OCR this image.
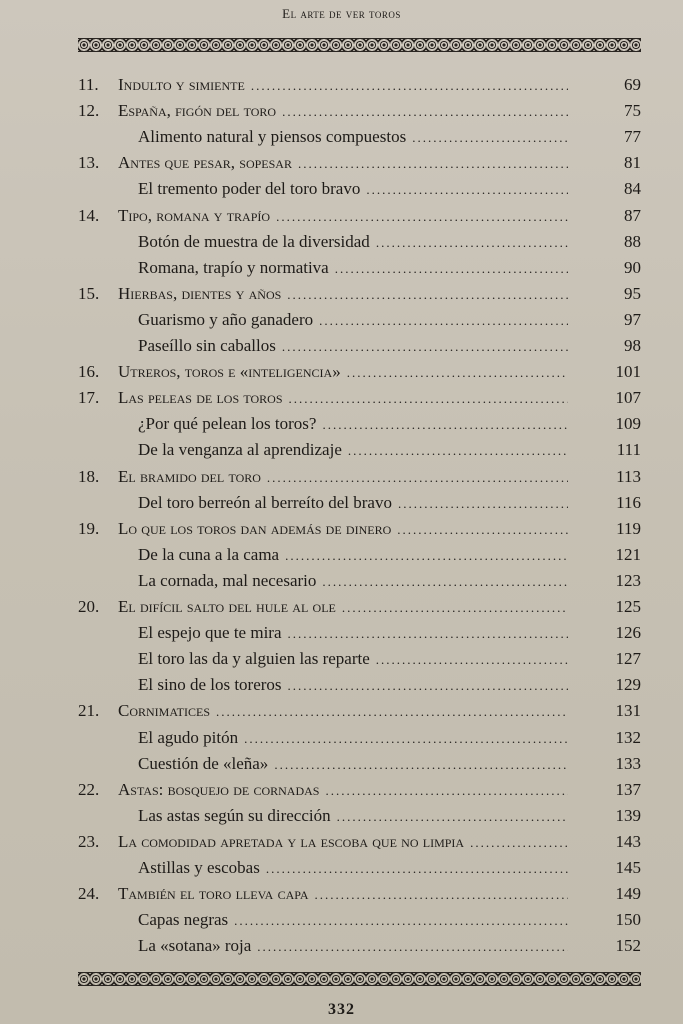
El arte de ver toros
11.	Indulto y simiente .....	69
12.	España, figón del toro .....	75
Alimento natural y piensos compuestos .....	77
13.	Antes que pesar, sopesar .....	81
El tremento poder del toro bravo .....	84
14.	Tipo, romana y trapío .....	87
Botón de muestra de la diversidad .....	88
Romana, trapío y normativa .....	90
15.	Hierbas, dientes y años .....	95
Guarismo y año ganadero .....	97
Paseíllo sin caballos .....	98
16.	Utreros, toros e «inteligencia» .....	101
17.	Las peleas de los toros .....	107
¿Por qué pelean los toros? .....	109
De la venganza al aprendizaje .....	111
18.	El bramido del toro .....	113
Del toro berreón al berreíto del bravo .....	116
19.	Lo que los toros dan además de dinero .....	119
De la cuna a la cama .....	121
La cornada, mal necesario .....	123
20.	El difícil salto del hule al ole .....	125
El espejo que te mira .....	126
El toro las da y alguien las reparte .....	127
El sino de los toreros .....	129
21.	Cornimatices .....	131
El agudo pitón .....	132
Cuestión de «leña» .....	133
22.	Astas: bosquejo de cornadas .....	137
Las astas según su dirección .....	139
23.	La comodidad apretada y la escoba que no limpia .....	143
Astillas y escobas .....	145
24.	También el toro lleva capa .....	149
Capas negras .....	150
La «sotana» roja .....	152
332
